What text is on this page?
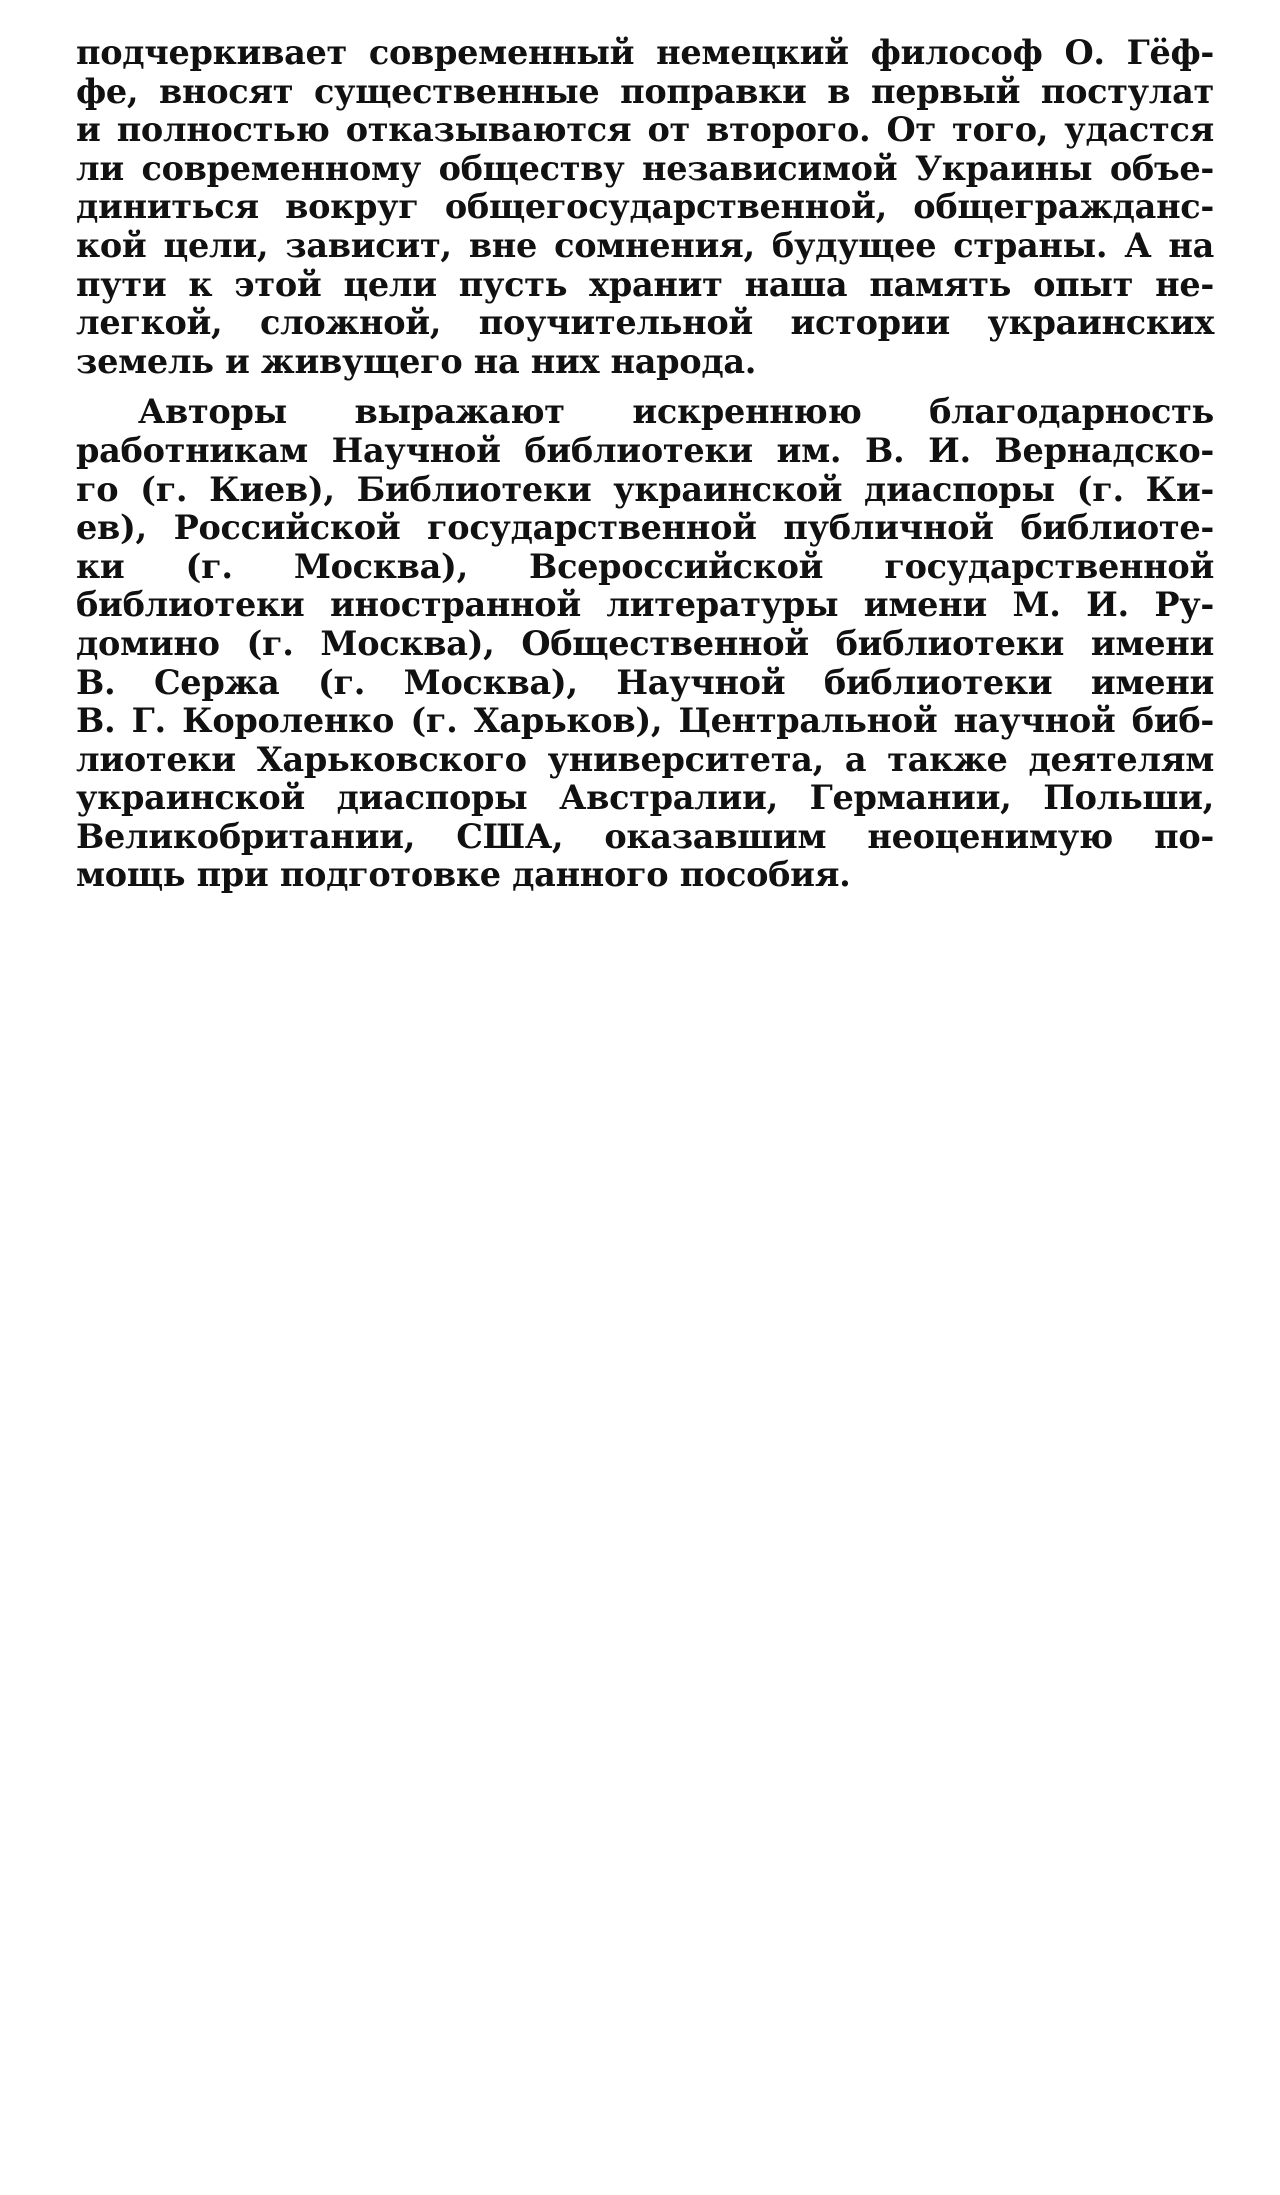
подчеркивает современный немецкий философ О. Гёф-
фе, вносят существенные поправки в первый постулат
и полностью отказываются от второго. От того, удастся
ли современному обществу независимой Украины объе-
диниться вокруг общегосударственной, общегражданс-
кой цели, зависит, вне сомнения, будущее страны. А на
пути к этой цели пусть хранит наша память опыт не-
легкой, сложной, поучительной истории украинских
земель и живущего на них народа.
Авторы выражают искреннюю благодарность
работникам Научной библиотеки им. В. И. Вернадско-
го (г. Киев), Библиотеки украинской диаспоры (г. Ки-
ев), Российской государственной публичной библиоте-
ки (г. Москва), Всероссийской государственной
библиотеки иностранной литературы имени М. И. Ру-
домино (г. Москва), Общественной библиотеки имени
В. Сержа (г. Москва), Научной библиотеки имени
В. Г. Короленко (г. Харьков), Центральной научной биб-
лиотеки Харьковского университета, а также деятелям
украинской диаспоры Австралии, Германии, Польши,
Великобритании, США, оказавшим неоценимую по-
мощь при подготовке данного пособия.
